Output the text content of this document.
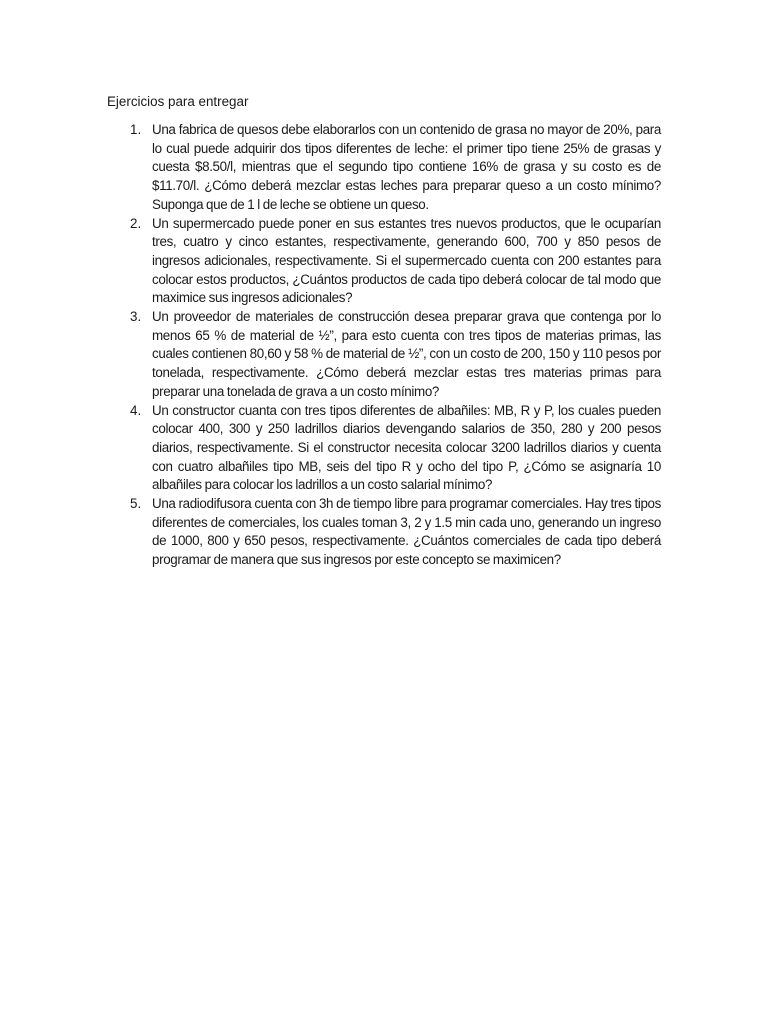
Ejercicios para entregar
1. Una fabrica de quesos debe elaborarlos con un contenido de grasa no mayor de 20%, para lo cual puede adquirir dos tipos diferentes de leche: el primer tipo tiene 25% de grasas y cuesta $8.50/l, mientras que el segundo tipo contiene 16% de grasa y su costo es de $11.70/l. ¿Cómo deberá mezclar estas leches para preparar queso a un costo mínimo? Suponga que de 1 l de leche se obtiene un queso.
2. Un supermercado puede poner en sus estantes tres nuevos productos, que le ocuparían tres, cuatro y cinco estantes, respectivamente, generando 600, 700 y 850 pesos de ingresos adicionales, respectivamente. Si el supermercado cuenta con 200 estantes para colocar estos productos, ¿Cuántos productos de cada tipo deberá colocar de tal modo que maximice sus ingresos adicionales?
3. Un proveedor de materiales de construcción desea preparar grava que contenga por lo menos 65 % de material de ½”, para esto cuenta con tres tipos de materias primas, las cuales contienen 80,60 y 58 % de material de ½”, con un costo de 200, 150 y 110 pesos por tonelada, respectivamente. ¿Cómo deberá mezclar estas tres materias primas para preparar una tonelada de grava a un costo mínimo?
4. Un constructor cuanta con tres tipos diferentes de albañiles: MB, R y P, los cuales pueden colocar 400, 300 y 250 ladrillos diarios devengando salarios de 350, 280 y 200 pesos diarios, respectivamente. Si el constructor necesita colocar 3200 ladrillos diarios y cuenta con cuatro albañiles tipo MB, seis del tipo R y ocho del tipo P, ¿Cómo se asignaría 10 albañiles para colocar los ladrillos a un costo salarial mínimo?
5. Una radiodifusora cuenta con 3h de tiempo libre para programar comerciales. Hay tres tipos diferentes de comerciales, los cuales toman 3, 2 y 1.5 min cada uno, generando un ingreso de 1000, 800 y 650 pesos, respectivamente. ¿Cuántos comerciales de cada tipo deberá programar de manera que sus ingresos por este concepto se maximicen?
